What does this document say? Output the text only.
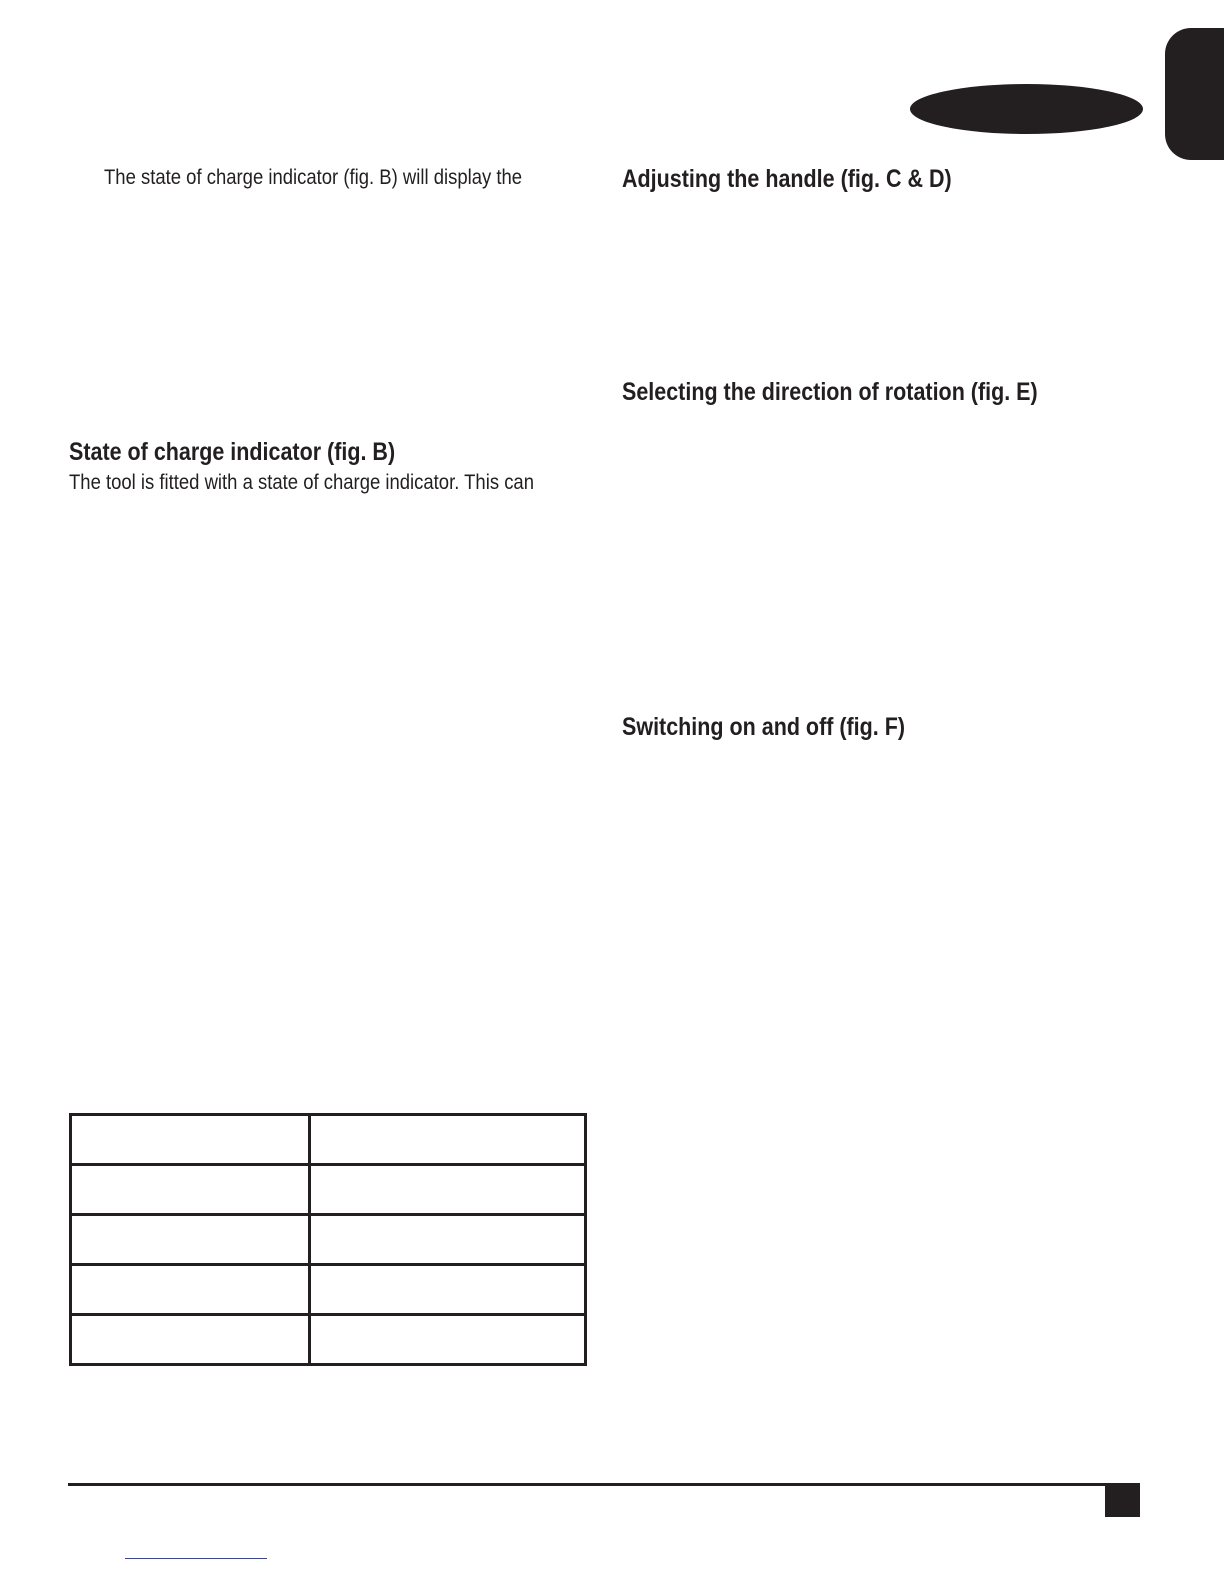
The state of charge indicator (fig. B) will display the
State of charge indicator (fig. B)
The tool is fitted with a state of charge indicator. This can
Adjusting the handle (fig. C & D)
Selecting the direction of rotation (fig. E)
Switching on and off (fig. F)
